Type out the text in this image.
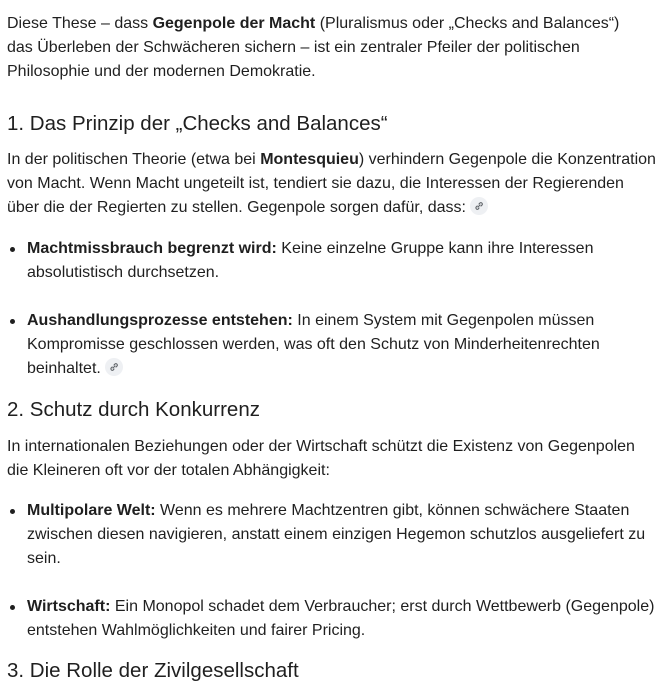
Diese These – dass Gegenpole der Macht (Pluralismus oder „Checks and Balances“) das Überleben der Schwächeren sichern – ist ein zentraler Pfeiler der politischen Philosophie und der modernen Demokratie.

1. Das Prinzip der „Checks and Balances“

In der politischen Theorie (etwa bei Montesquieu) verhindern Gegenpole die Konzentration von Macht. Wenn Macht ungeteilt ist, tendiert sie dazu, die Interessen der Regierenden über die der Regierten zu stellen. Gegenpole sorgen dafür, dass:

Machtmissbrauch begrenzt wird: Keine einzelne Gruppe kann ihre Interessen absolutistisch durchsetzen.
Aushandlungsprozesse entstehen: In einem System mit Gegenpolen müssen Kompromisse geschlossen werden, was oft den Schutz von Minderheitenrechten beinhaltet.
2. Schutz durch Konkurrenz

In internationalen Beziehungen oder der Wirtschaft schützt die Existenz von Gegenpolen die Kleineren oft vor der totalen Abhängigkeit:

Multipolare Welt: Wenn es mehrere Machtzentren gibt, können schwächere Staaten zwischen diesen navigieren, anstatt einem einzigen Hegemon schutzlos ausgeliefert zu sein.
Wirtschaft: Ein Monopol schadet dem Verbraucher; erst durch Wettbewerb (Gegenpole) entstehen Wahlmöglichkeiten und fairer Pricing.
3. Die Rolle der Zivilgesellschaft
